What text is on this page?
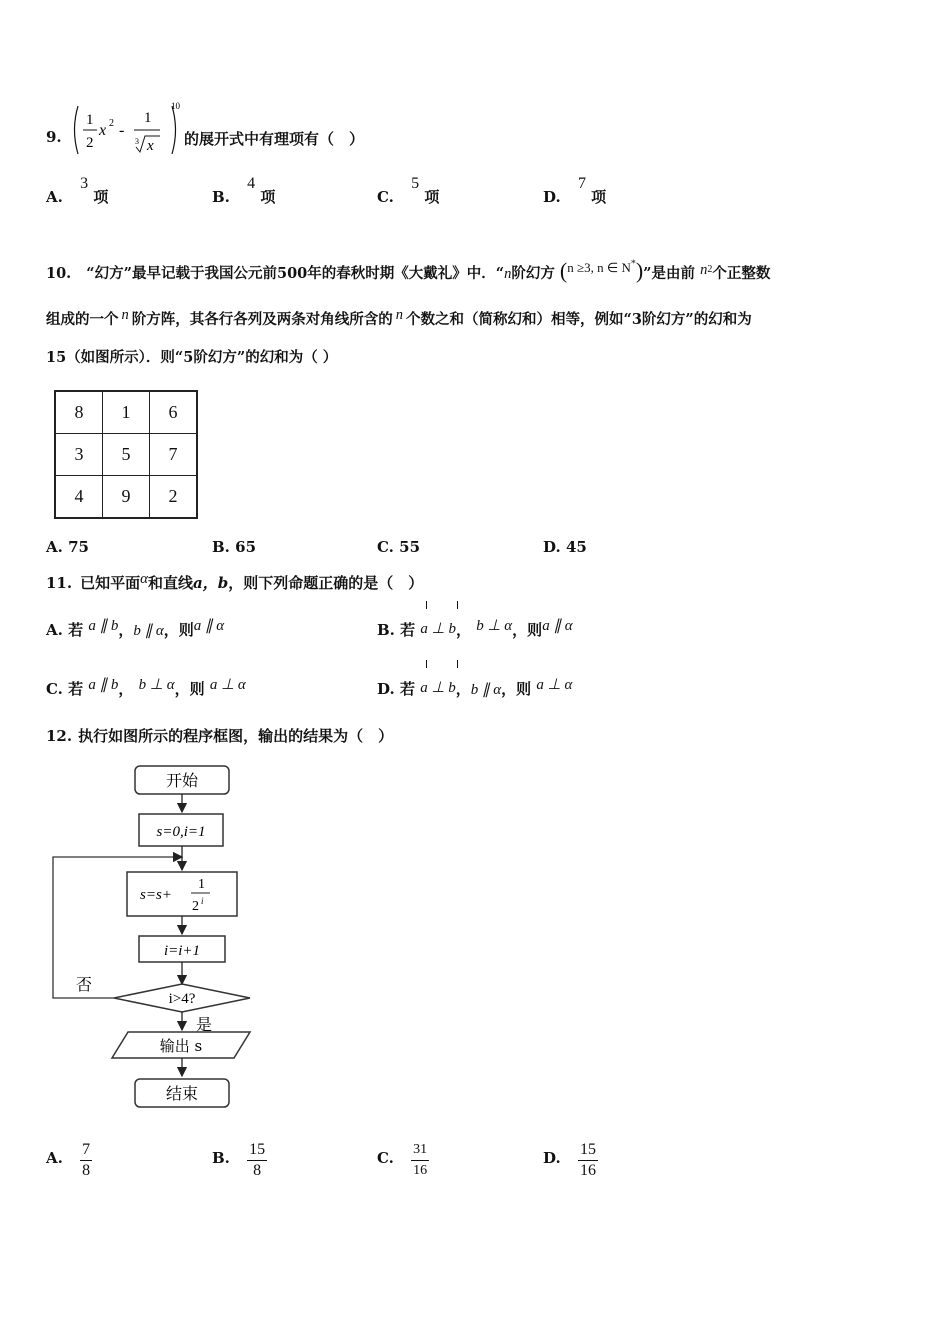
9.
1
2
x 2 -
1
3 x
10
的展开式中有理项有（　）
A. 3 项	B. 4 项	C. 5 项	D. 7 项
10. “幻方”最早记载于我国公元前500年的春秋时期《大戴礼》中．“n阶幻方 (n ≥3, n ∈ N*)”是由前 $n^2$个正整数
组成的一个 n 阶方阵，其各行各列及两条对角线所含的 n 个数之和（简称幻和）相等，例如“3阶幻方”的幻和为
15（如图所示）．则“5阶幻方”的幻和为（ ）
8	1	6
3	5	7
4	9	2
A. 75	B. 65	C. 55	D. 45
11. 已知平面α和直线a，b，则下列命题正确的是（　）
A. 若 a ∥ b，b ∥ α，则a ∥ α	B. 若 a ⊥ b， b ⊥ α，则a ∥ α
C. 若 a ∥ b， b ⊥ α，则 a ⊥ α	D. 若 a ⊥ b，b ∥ α，则 a ⊥ α
12. 执行如图所示的程序框图，输出的结果为（　）
开始
s=0,i=1
s=s+
1
2 i
i=i+1
i>4?
否
是
输出 s
结束
A. $\frac{7}{8}$	B. $\frac{15}{8}$	C. $\frac{31}{16}$	D. $\frac{15}{16}$
